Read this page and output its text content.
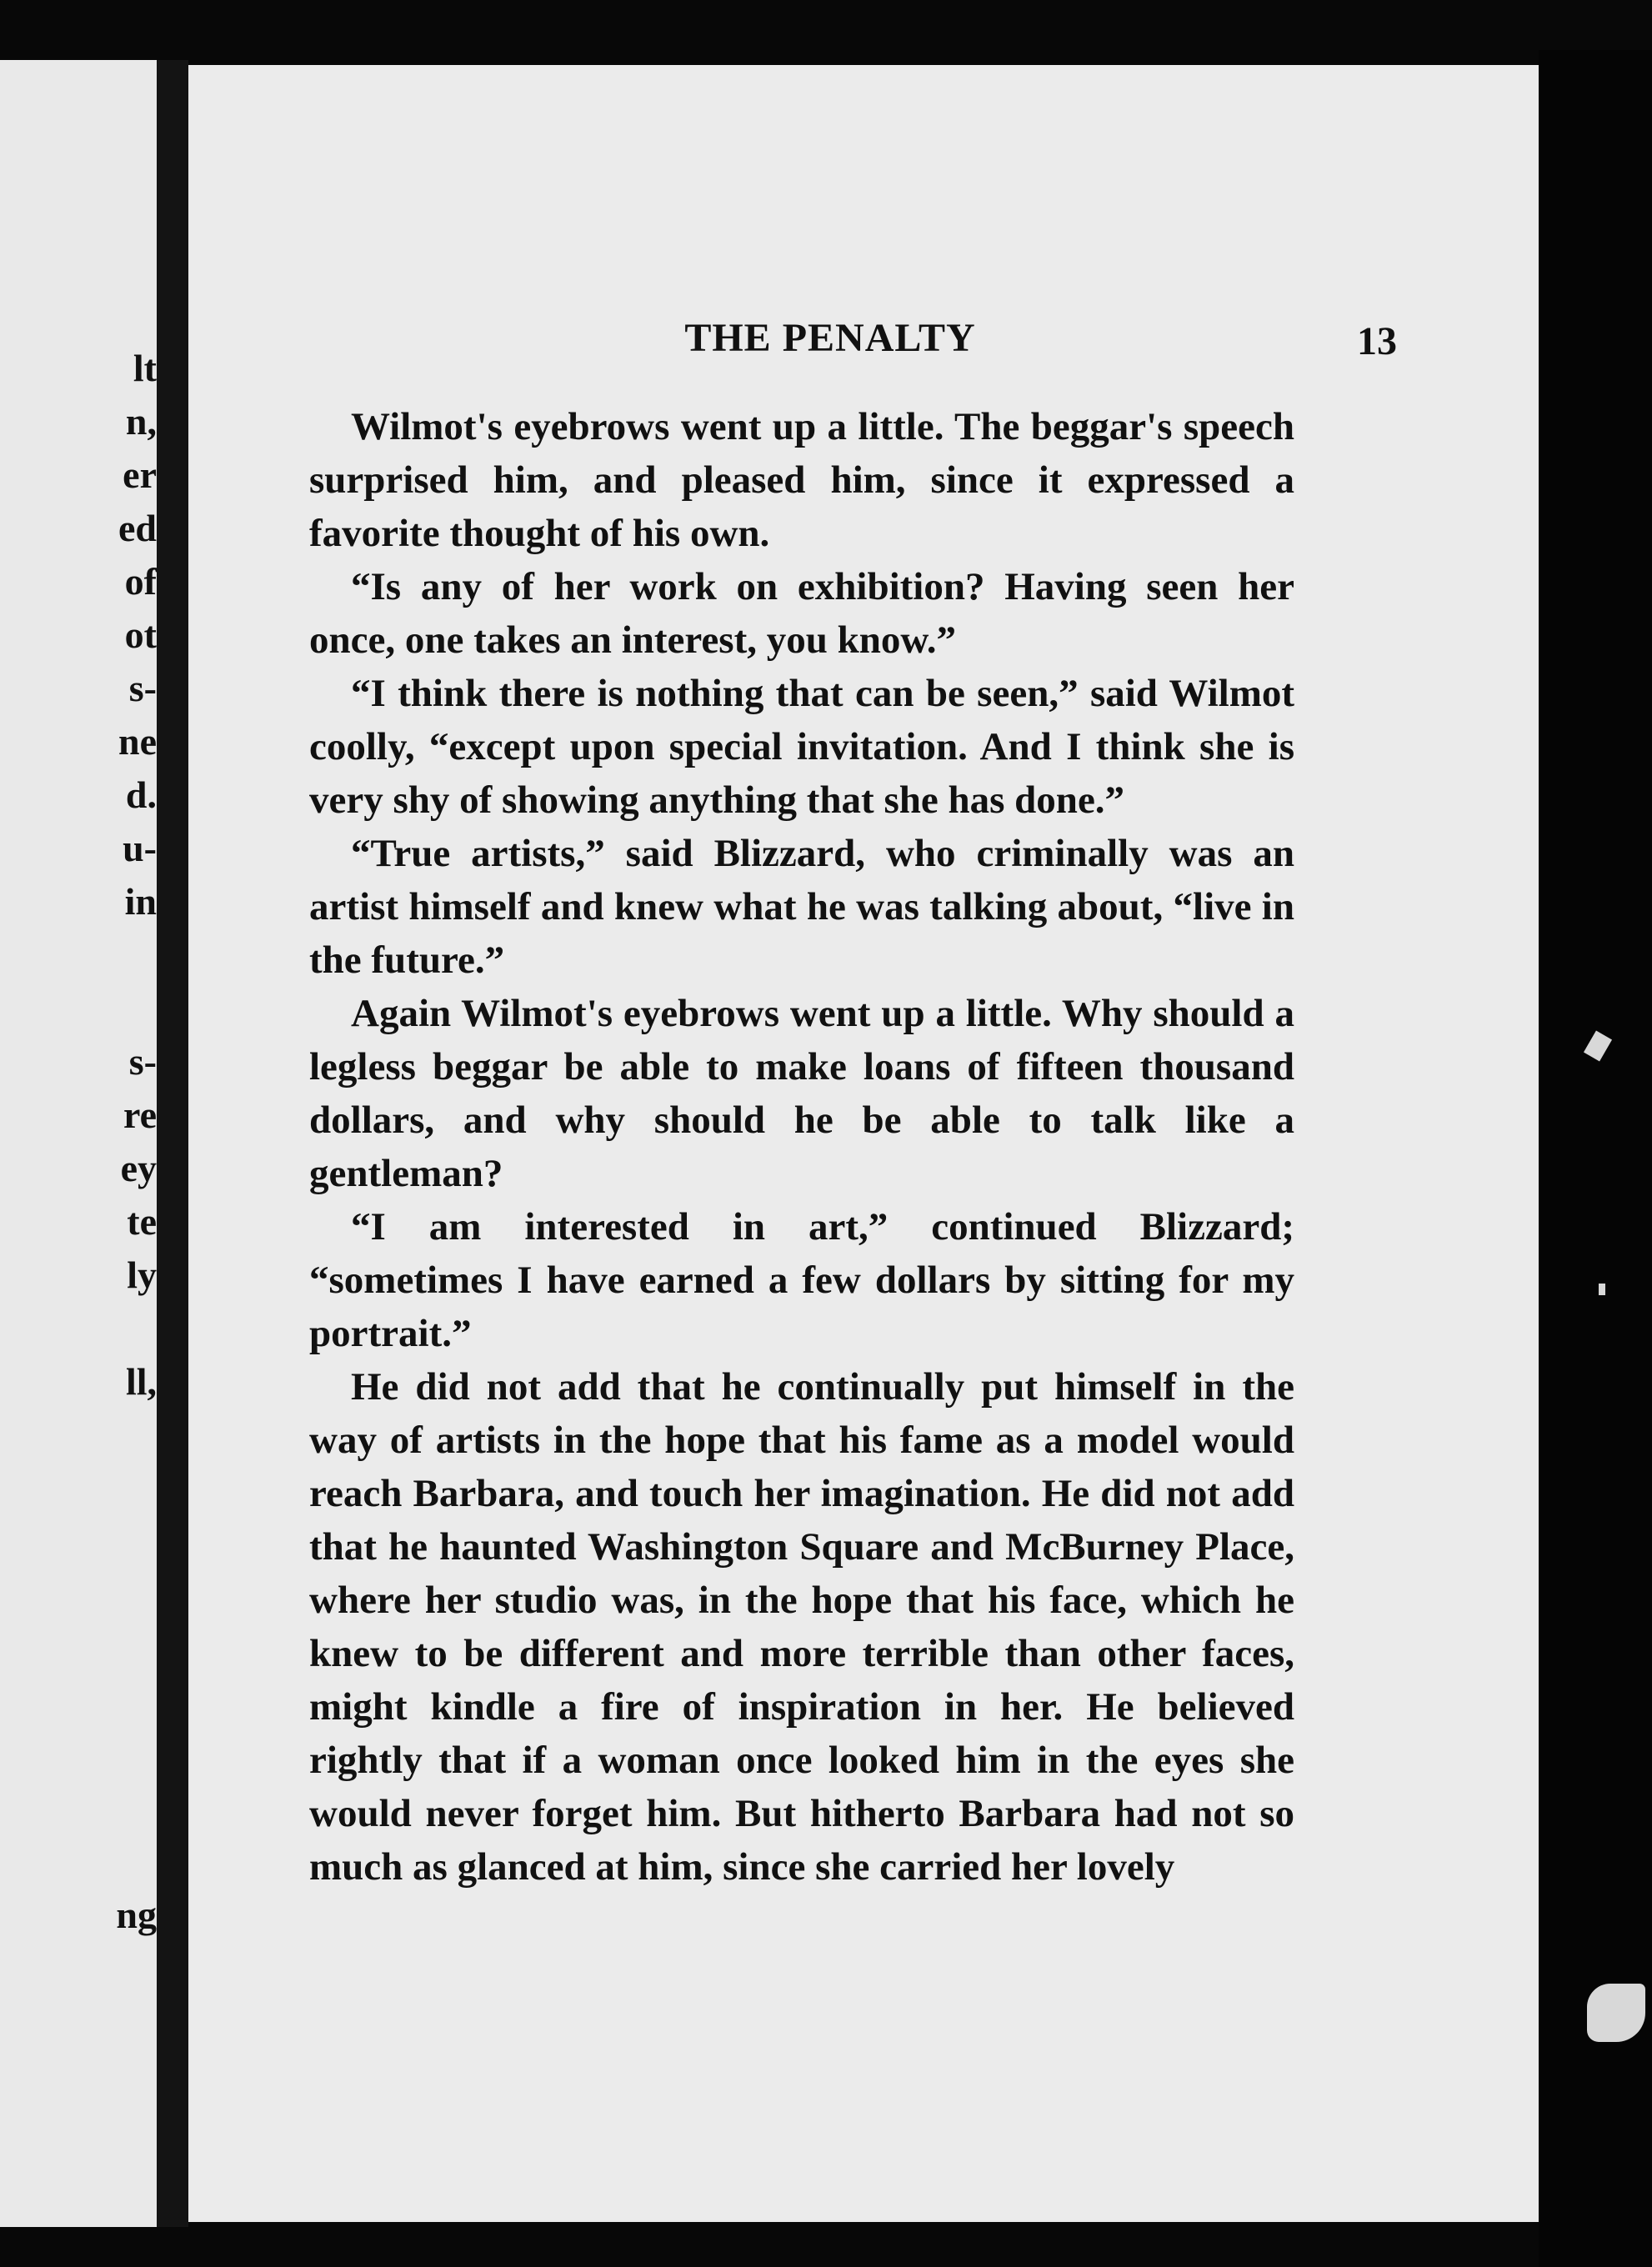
lt
n,
er
ed
of
ot
s-
ne
d.
u-
in
s-
re
ey
te
ly
ll,
ng
THE PENALTY	13

Wilmot's eyebrows went up a little. The beggar's speech surprised him, and pleased him, since it expressed a favorite thought of his own.

“Is any of her work on exhibition? Having seen her once, one takes an interest, you know.”

“I think there is nothing that can be seen,” said Wilmot coolly, “except upon special invitation. And I think she is very shy of showing anything that she has done.”

“True artists,” said Blizzard, who criminally was an artist himself and knew what he was talking about, “live in the future.”

Again Wilmot's eyebrows went up a little. Why should a legless beggar be able to make loans of fifteen thousand dollars, and why should he be able to talk like a gentleman?

“I am interested in art,” continued Blizzard; “sometimes I have earned a few dollars by sitting for my portrait.”

He did not add that he continually put himself in the way of artists in the hope that his fame as a model would reach Barbara, and touch her imagination. He did not add that he haunted Washington Square and McBurney Place, where her studio was, in the hope that his face, which he knew to be different and more terrible than other faces, might kindle a fire of inspiration in her. He believed rightly that if a woman once looked him in the eyes she would never forget him. But hitherto Barbara had not so much as glanced at him, since she carried her lovely
